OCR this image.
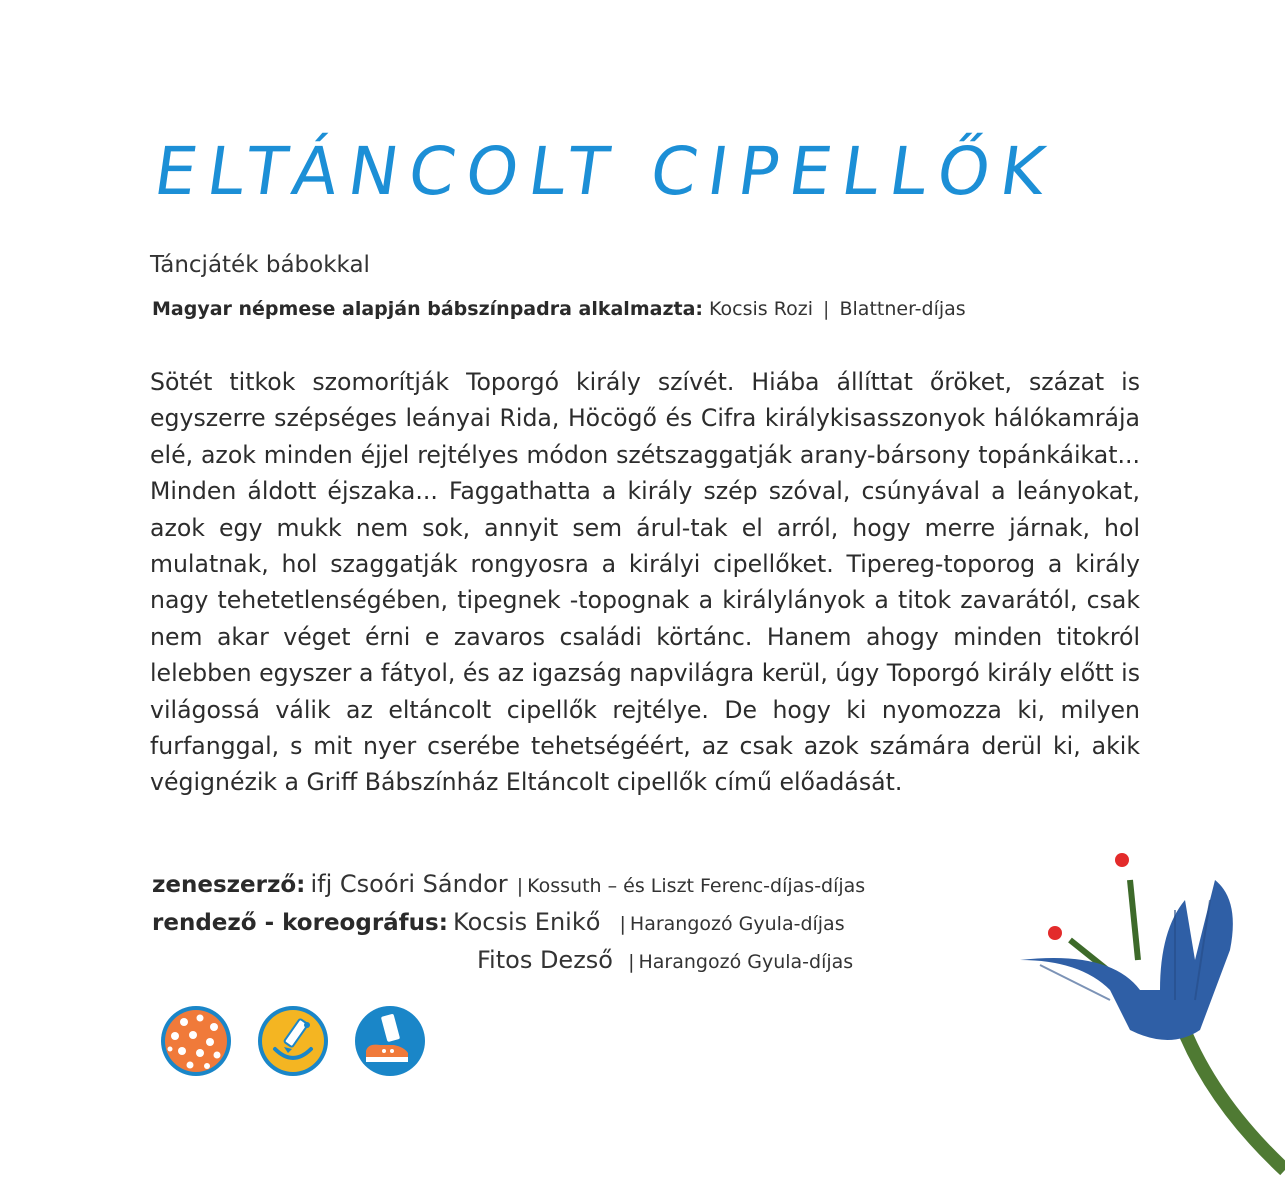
ELTÁNCOLT CIPELLŐK
Táncjáték bábokkal
Magyar népmese alapján bábszínpadra alkalmazta: Kocsis Rozi | Blattner-díjas

Sötét titkok szomorítják Toporgó király szívét. Hiába állíttat őröket, százat is egyszerre szépséges leányai Rida, Höcögő és Cifra királykisasszonyok hálókamrája elé, azok minden éjjel rejtélyes módon szétszaggatják arany-bársony topánkáikat... Minden áldott éjszaka... Faggathatta a király szép szóval, csúnyával a leányokat, azok egy mukk nem sok, annyit sem árul-tak el arról, hogy merre járnak, hol mulatnak, hol szaggatják rongyosra a királyi cipellőket. Tipereg-toporog a király nagy tehetetlenségében, tipegnek -topognak a királylányok a titok zavarától, csak nem akar véget érni e zavaros családi körtánc. Hanem ahogy minden titokról lelebben egyszer a fátyol, és az igazság napvilágra kerül, úgy Toporgó király előtt is világossá válik az eltáncolt cipellők rejtélye. De hogy ki nyomozza ki, milyen furfanggal, s mit nyer cserébe tehetségéért, az csak azok számára derül ki, akik végignézik a Griff Bábszínház Eltáncolt cipellők című előadását.

zeneszerző: ifj Csoóri Sándor | Kossuth – és Liszt Ferenc-díjas-díjas
rendező - koreográfus: Kocsis Enikő | Harangozó Gyula-díjas
Fitos Dezső | Harangozó Gyula-díjas
